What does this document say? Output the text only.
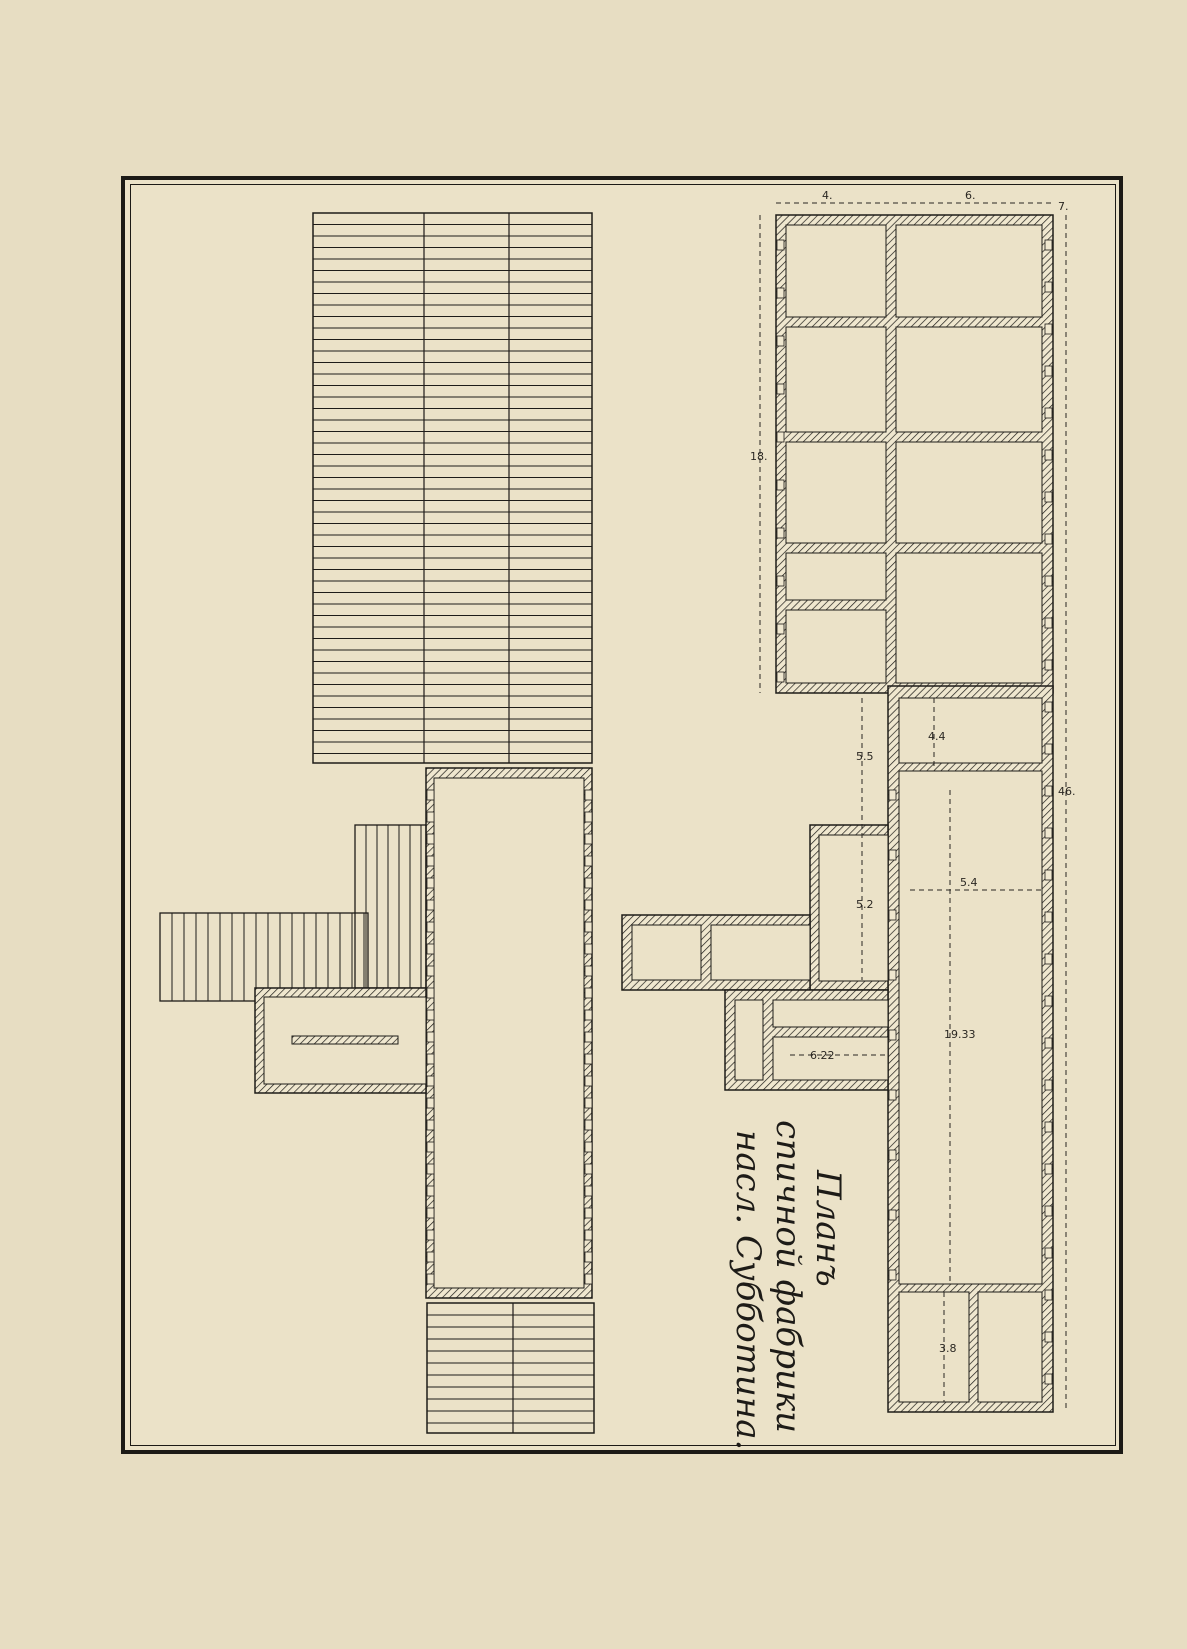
4.	6.
7.
18.
46.
5.5
5.2
4.4
5.4
6.22
19.33
3.8
Планъ
спичной фабрики
насл. Субботина.
